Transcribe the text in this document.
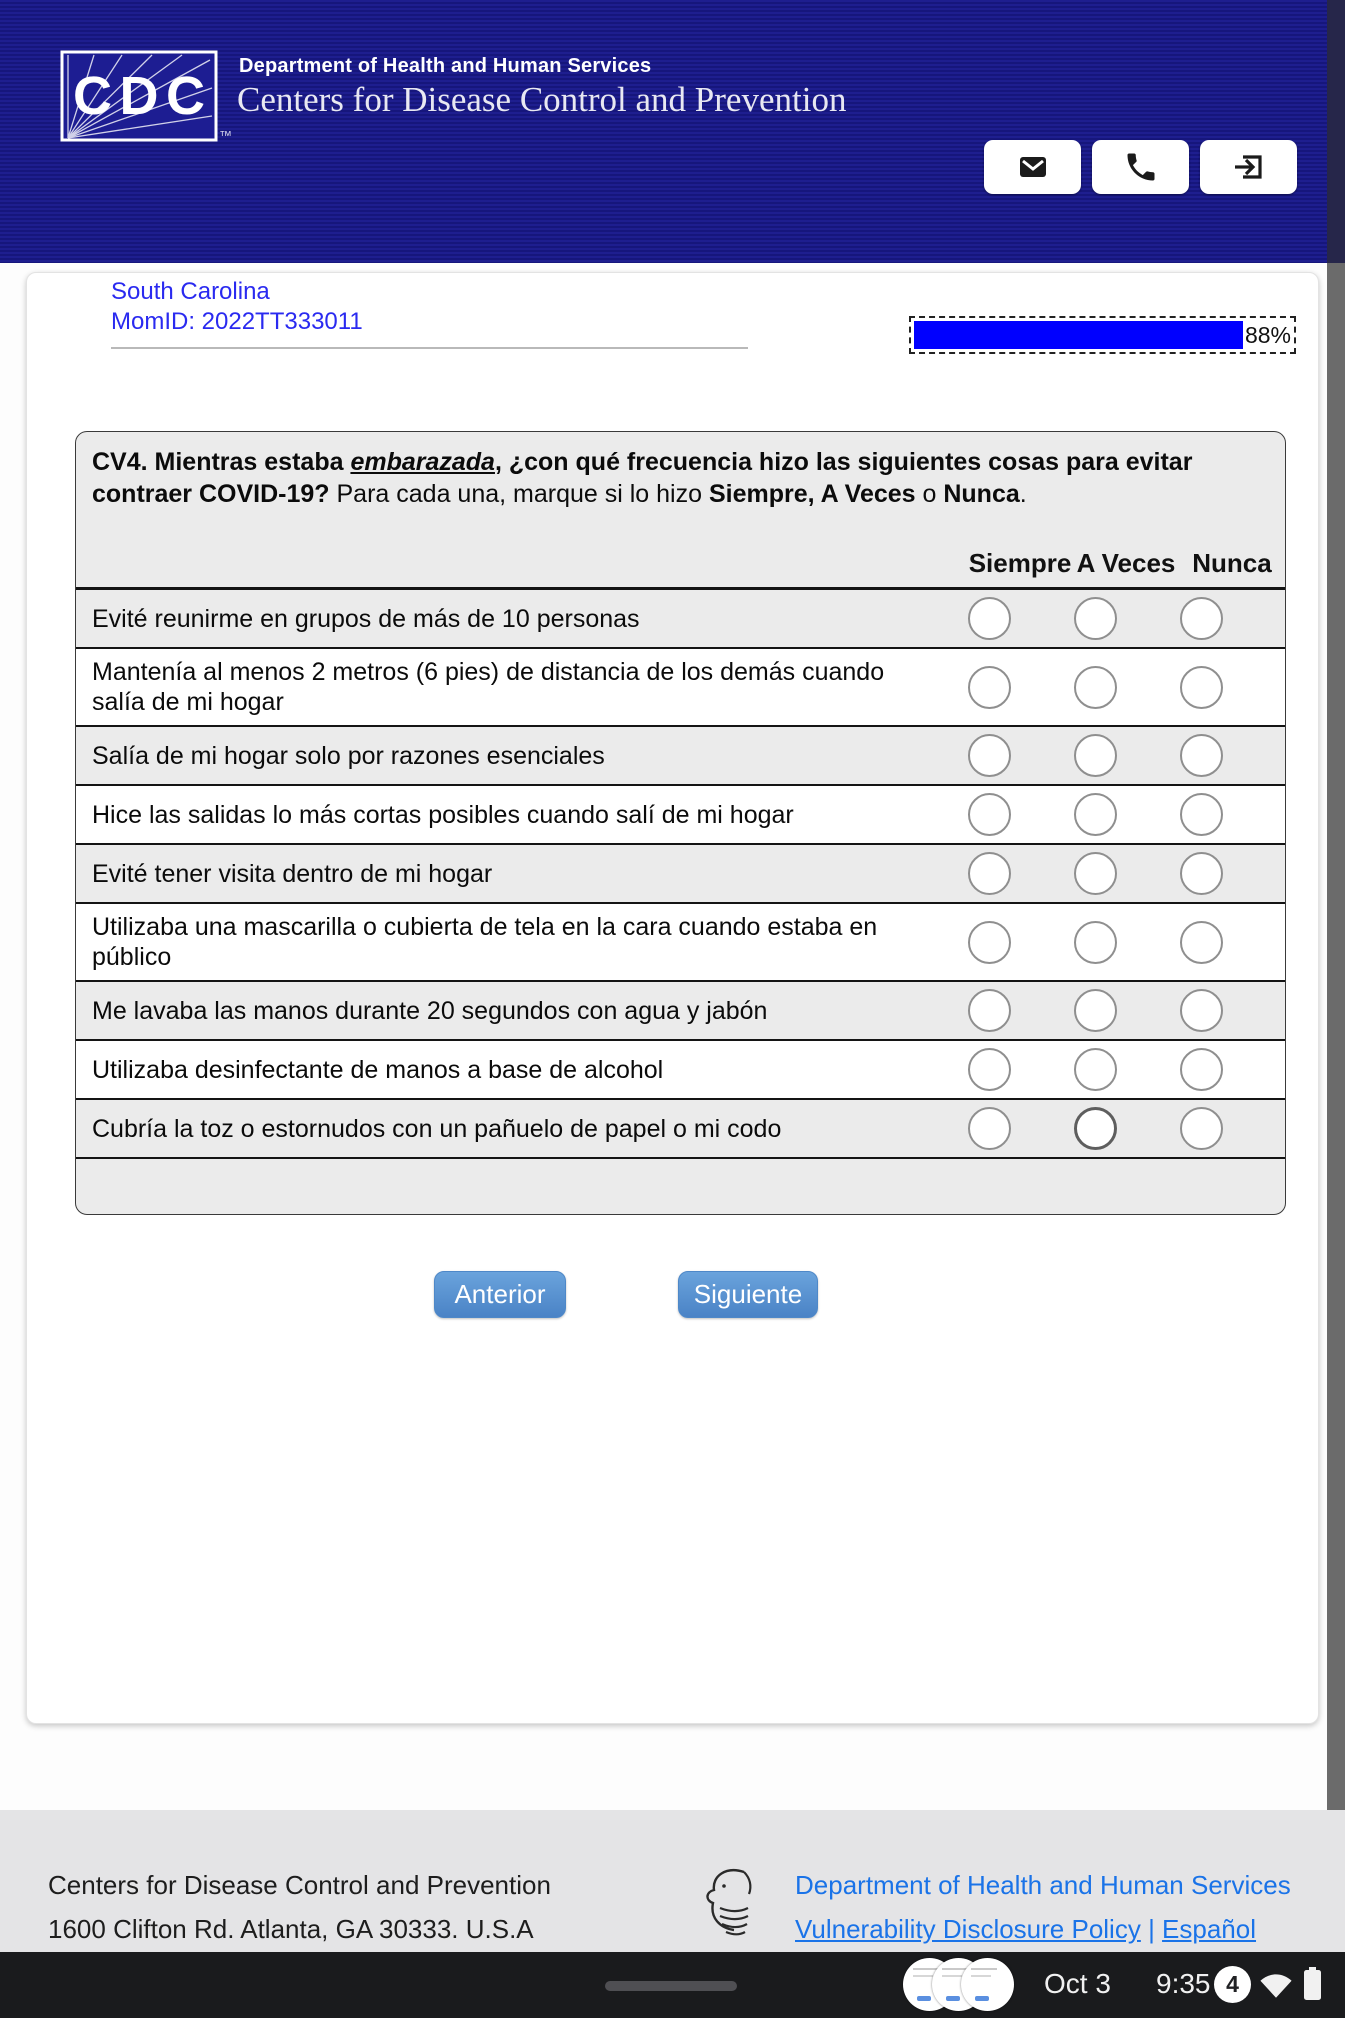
CDC
™
Department of Health and Human Services
Centers for Disease Control and Prevention
South Carolina
MomID: 2022TT333011	88%

CV4. Mientras estaba embarazada, ¿con qué frecuencia hizo las siguientes cosas para evitar contraer COVID-19? Para cada una, marque si lo hizo Siempre, A Veces o Nunca.

Siempre A Veces Nunca
Evité reunirme en grupos de más de 10 personas
Mantenía al menos 2 metros (6 pies) de distancia de los demás cuando salía de mi hogar
Salía de mi hogar solo por razones esenciales
Hice las salidas lo más cortas posibles cuando salí de mi hogar
Evité tener visita dentro de mi hogar
Utilizaba una mascarilla o cubierta de tela en la cara cuando estaba en público
Me lavaba las manos durante 20 segundos con agua y jabón
Utilizaba desinfectante de manos a base de alcohol
Cubría la toz o estornudos con un pañuelo de papel o mi codo
Anterior	Siguiente
Centers for Disease Control and Prevention
1600 Clifton Rd. Atlanta, GA 30333. U.S.A
Department of Health and Human Services
Vulnerability Disclosure Policy | Español
Oct 3 9:35 4
